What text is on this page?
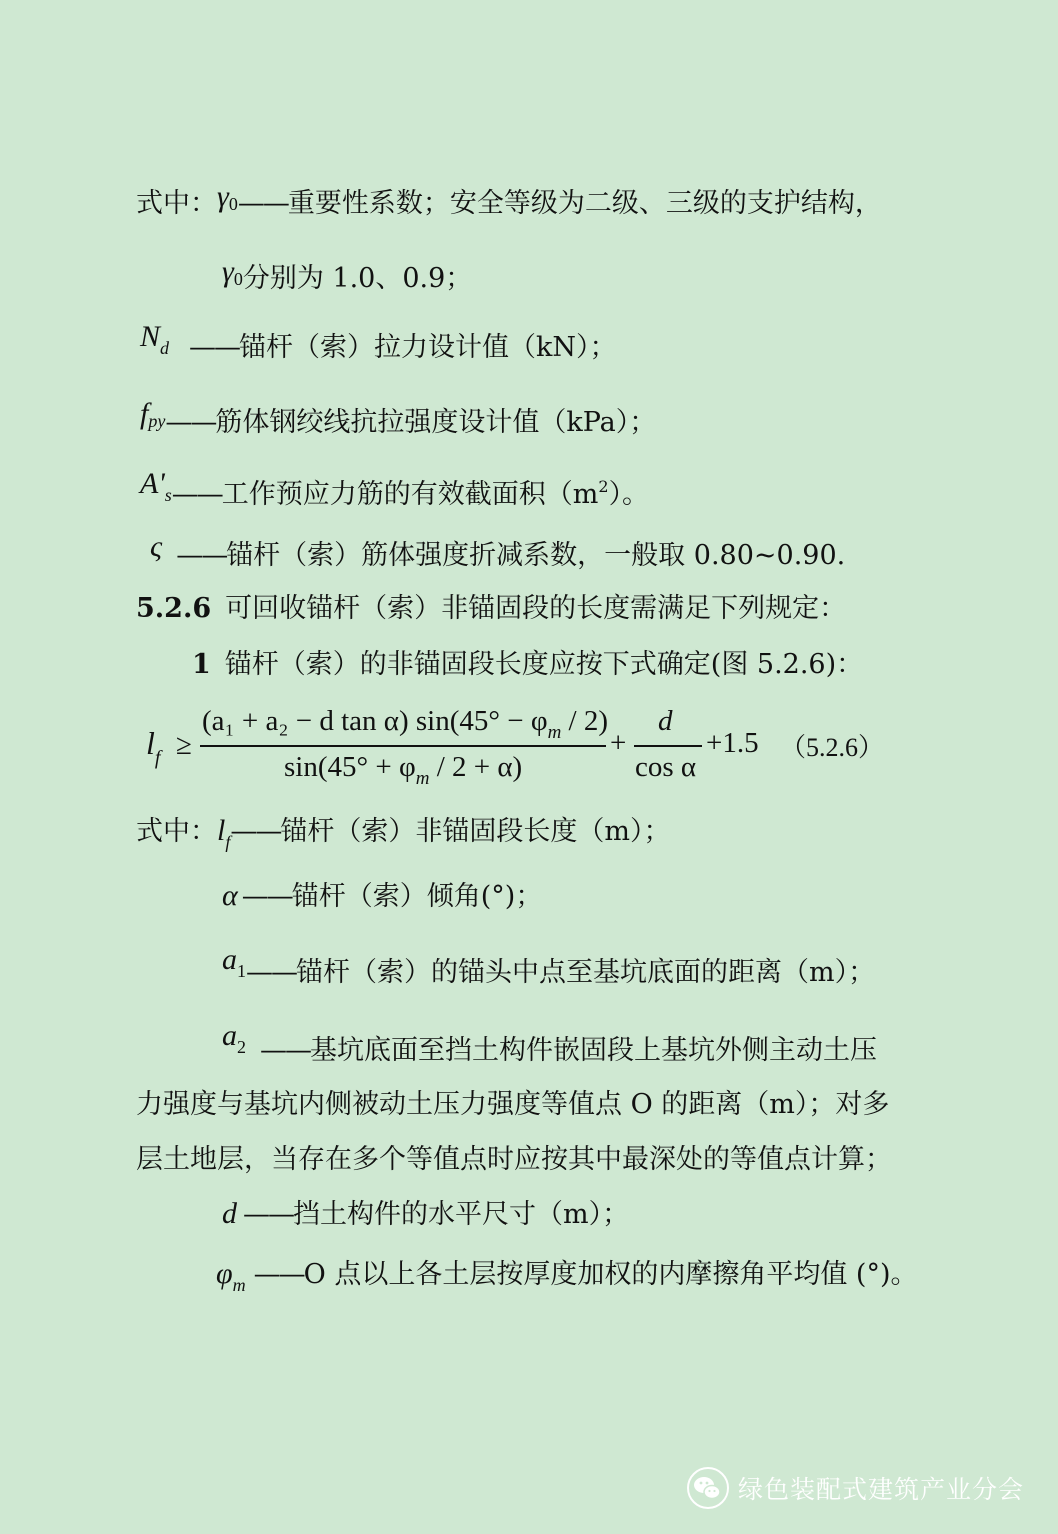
式中：γ0——重要性系数；安全等级为二级、三级的支护结构，
γ0分别为 1.0、0.9；
Nd ——锚杆（索）拉力设计值（kN）；
fpy——筋体钢绞线抗拉强度设计值（kPa）；
A's——工作预应力筋的有效截面积$(m^2)$。
ς ——锚杆（索）筋体强度折减系数，一般取 0.80~0.90.
5.2.6 可回收锚杆（索）非锚固段的长度需满足下列规定：
1 锚杆（索）的非锚固段长度应按下式确定(图 5.2.6)：
$l_f$ ≥
(a₁ + a₂ − d tan α) $\sin(45^\circ - \varphi_m / 2)$
$\sin(45^\circ + \varphi_m / 2 + \alpha)$
+
d
cos α
+1.5 （5.2.6）
式中：$l_f——$锚杆（索）非锚固段长度（m）；
α ——锚杆（索）倾角(°)；
a1——锚杆（索）的锚头中点至基坑底面的距离（m）；
$a^2$ ——基坑底面至挡土构件嵌固段上基坑外侧主动土压
力强度与基坑内侧被动土压力强度等值点 O 的距离（m）；对多
层土地层，当存在多个等值点时应按其中最深处的等值点计算；
d ——挡土构件的水平尺寸（m）；
$\varphi_m$ ——O 点以上各土层按厚度加权的内摩擦角平均值 (°)。
绿色装配式建筑产业分会
